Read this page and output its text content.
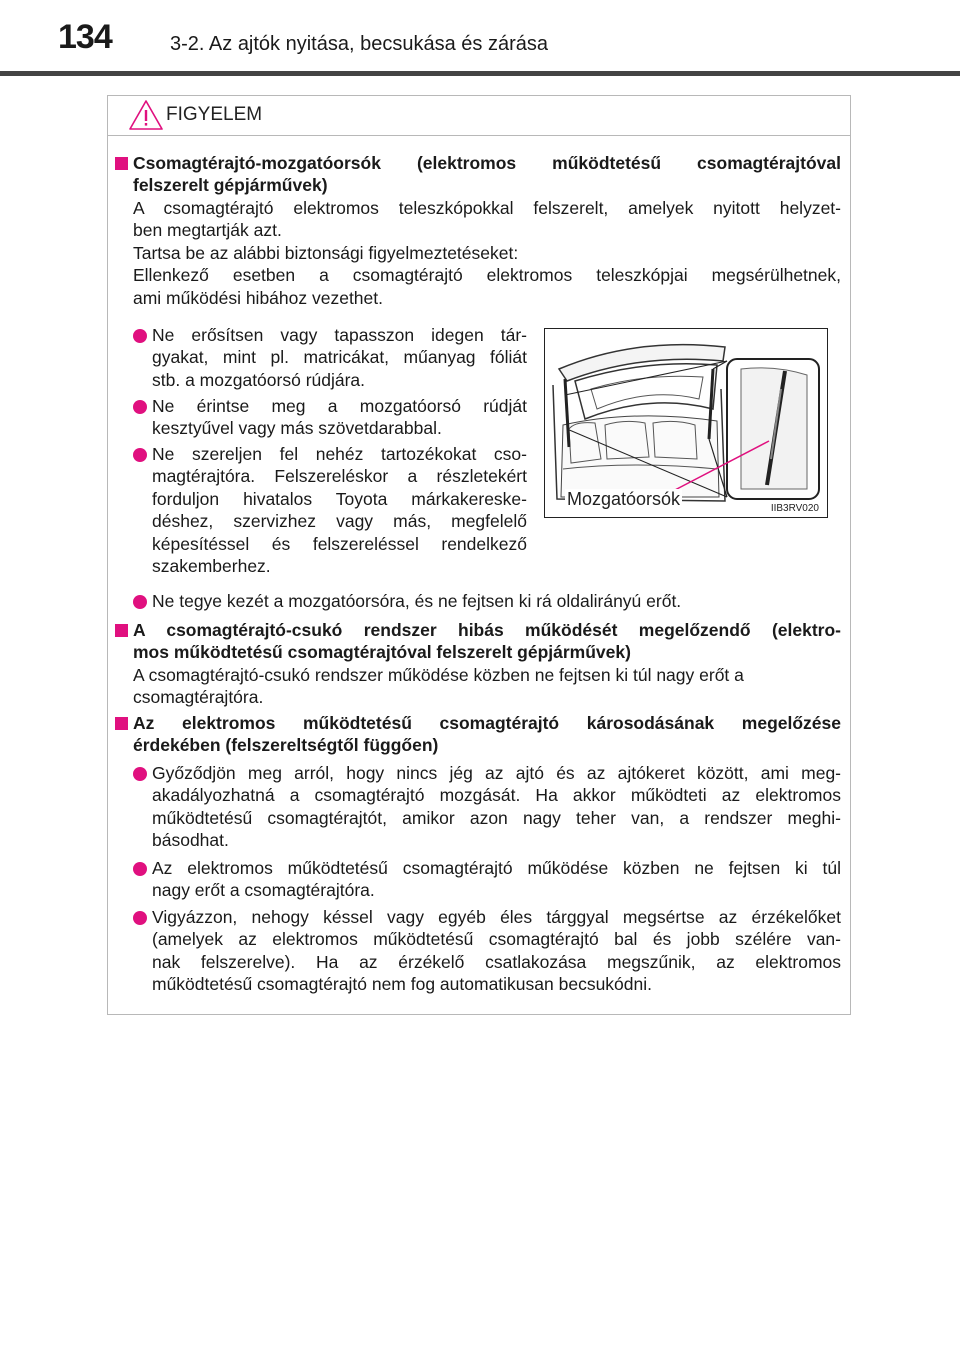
134	3-2. Az ajtók nyitása, becsukása és zárása
FIGYELEM
Csomagtérajtó-mozgatóorsók (elektromos működtetésű csomagtérajtóval
felszerelt gépjárművek)
A csomagtérajtó elektromos teleszkópokkal felszerelt, amelyek nyitott helyzet-
ben megtartják azt.
Tartsa be az alábbi biztonsági figyelmeztetéseket:
Ellenkező esetben a csomagtérajtó elektromos teleszkópjai megsérülhetnek,
ami működési hibához vezethet.
Ne erősítsen vagy tapasszon idegen tár-
gyakat, mint pl. matricákat, műanyag fóliát
stb. a mozgatóorsó rúdjára.
Ne érintse meg a mozgatóorsó rúdját
kesztyűvel vagy más szövetdarabbal.
Ne szereljen fel nehéz tartozékokat cso-
magtérajtóra. Felszereléskor a részletekért
forduljon hivatalos Toyota márkakereske-
déshez, szervizhez vagy más, megfelelő
képesítéssel és felszereléssel rendelkező
szakemberhez.
Mozgatóorsók	IIB3RV020
Ne tegye kezét a mozgatóorsóra, és ne fejtsen ki rá oldalirányú erőt.
A csomagtérajtó-csukó rendszer hibás működését megelőzendő (elektro-
mos működtetésű csomagtérajtóval felszerelt gépjárművek)
A csomagtérajtó-csukó rendszer működése közben ne fejtsen ki túl nagy erőt a
csomagtérajtóra.
Az elektromos működtetésű csomagtérajtó károsodásának megelőzése
érdekében (felszereltségtől függően)
Győződjön meg arról, hogy nincs jég az ajtó és az ajtókeret között, ami meg-
akadályozhatná a csomagtérajtó mozgását. Ha akkor működteti az elektromos
működtetésű csomagtérajtót, amikor azon nagy teher van, a rendszer meghi-
básodhat.
Az elektromos működtetésű csomagtérajtó működése közben ne fejtsen ki túl
nagy erőt a csomagtérajtóra.
Vigyázzon, nehogy késsel vagy egyéb éles tárggyal megsértse az érzékelőket
(amelyek az elektromos működtetésű csomagtérajtó bal és jobb szélére van-
nak felszerelve). Ha az érzékelő csatlakozása megszűnik, az elektromos
működtetésű csomagtérajtó nem fog automatikusan becsukódni.
